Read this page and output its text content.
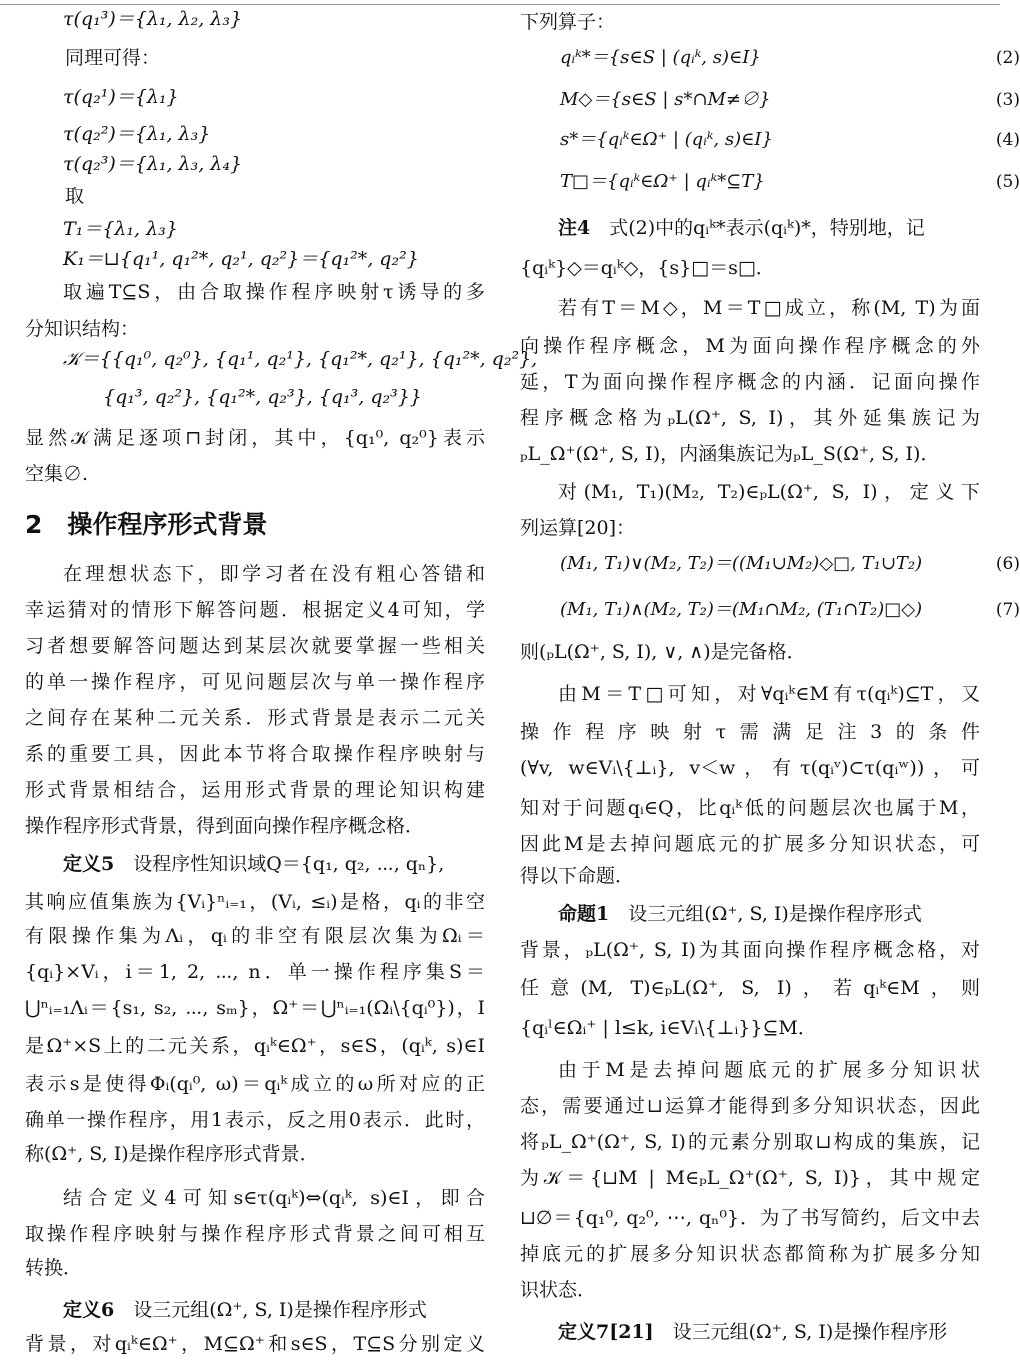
τ(q₁³)＝{λ₁, λ₂, λ₃}
同理可得：
τ(q₂¹)＝{λ₁}
τ(q₂²)＝{λ₁, λ₃}
τ(q₂³)＝{λ₁, λ₃, λ₄}
取
T₁＝{λ₁, λ₃}
K₁＝⊔{q₁¹, q₁²*, q₂¹, q₂²}＝{q₁²*, q₂²}
取遍T⊆S，由合取操作程序映射τ诱导的多
分知识结构：
𝒦＝{{q₁⁰, q₂⁰}, {q₁¹, q₂¹}, {q₁²*, q₂¹}, {q₁²*, q₂²},
{q₁³, q₂²}, {q₁²*, q₂³}, {q₁³, q₂³}}
显然𝒦满足逐项⊓封闭，其中，{q₁⁰, q₂⁰}表示
空集∅.
2　操作程序形式背景
在理想状态下，即学习者在没有粗心答错和
幸运猜对的情形下解答问题．根据定义4可知，学
习者想要解答问题达到某层次就要掌握一些相关
的单一操作程序，可见问题层次与单一操作程序
之间存在某种二元关系．形式背景是表示二元关
系的重要工具，因此本节将合取操作程序映射与
形式背景相结合，运用形式背景的理论知识构建
操作程序形式背景，得到面向操作程序概念格．
定义5　设程序性知识域Q＝{q₁, q₂, ⋯, qₙ},
其响应值集族为{Vᵢ}ⁿᵢ₌₁，(Vᵢ, ≤ᵢ)是格，qᵢ的非空
有限操作集为Λᵢ，qᵢ的非空有限层次集为Ωᵢ＝
{qᵢ}×Vᵢ，i＝1, 2, ⋯, n．单一操作程序集S＝
⋃ⁿᵢ₌₁Λᵢ＝{s₁, s₂, ⋯, sₘ}，Ω⁺＝⋃ⁿᵢ₌₁(Ωᵢ\{qᵢ⁰})，I
是Ω⁺×S上的二元关系，qᵢᵏ∈Ω⁺，s∈S，(qᵢᵏ, s)∈I
表示s是使得Φᵢ(qᵢ⁰, ω)＝qᵢᵏ成立的ω所对应的正
确单一操作程序，用1表示，反之用0表示．此时，
称(Ω⁺, S, I)是操作程序形式背景．
结合定义4可知s∈τ(qᵢᵏ)⇔(qᵢᵏ, s)∈I，即合
取操作程序映射与操作程序形式背景之间可相互
转换．
定义6　设三元组(Ω⁺, S, I)是操作程序形式
背景，对qᵢᵏ∈Ω⁺，M⊆Ω⁺和s∈S，T⊆S分别定义
下列算子：
qᵢᵏ*＝{s∈S | (qᵢᵏ, s)∈I}	(2)
M◇＝{s∈S | s*∩M≠∅}	(3)
s*＝{qᵢᵏ∈Ω⁺ | (qᵢᵏ, s)∈I}	(4)
T□＝{qᵢᵏ∈Ω⁺ | qᵢᵏ*⊆T}	(5)
注4　式(2)中的qᵢᵏ*表示(qᵢᵏ)*，特别地，记
{qᵢᵏ}◇＝qᵢᵏ◇，{s}□＝s□．
若有T＝M◇，M＝T□成立，称(M, T)为面
向操作程序概念，M为面向操作程序概念的外
延，T为面向操作程序概念的内涵．记面向操作
程序概念格为ₚL(Ω⁺, S, I)，其外延集族记为
ₚL_Ω⁺(Ω⁺, S, I)，内涵集族记为ₚL_S(Ω⁺, S, I)．
对(M₁, T₁)(M₂, T₂)∈ₚL(Ω⁺, S, I)，定义下
列运算[20]：
(M₁, T₁)∨(M₂, T₂)＝((M₁∪M₂)◇□, T₁∪T₂)	(6)
(M₁, T₁)∧(M₂, T₂)＝(M₁∩M₂, (T₁∩T₂)□◇)	(7)
则(ₚL(Ω⁺, S, I), ∨, ∧)是完备格．
由M＝T□可知，对∀qᵢᵏ∈M有τ(qᵢᵏ)⊆T，又
操作程序映射τ需满足注3的条件
(∀v, w∈Vᵢ\{⊥ᵢ}, v＜w，有τ(qᵢᵛ)⊂τ(qᵢʷ))，可
知对于问题qᵢ∈Q，比qᵢᵏ低的问题层次也属于M，
因此M是去掉问题底元的扩展多分知识状态，可
得以下命题．
命题1　设三元组(Ω⁺, S, I)是操作程序形式
背景，ₚL(Ω⁺, S, I)为其面向操作程序概念格，对
任意(M, T)∈ₚL(Ω⁺, S, I)，若qᵢᵏ∈M，则
{qᵢˡ∈Ωᵢ⁺ | l≤k, i∈Vᵢ\{⊥ᵢ}}⊆M．
由于M是去掉问题底元的扩展多分知识状
态，需要通过⊔运算才能得到多分知识状态，因此
将ₚL_Ω⁺(Ω⁺, S, I)的元素分别取⊔构成的集族，记
为𝒦＝{⊔M | M∈ₚL_Ω⁺(Ω⁺, S, I)}，其中规定
⊔∅＝{q₁⁰, q₂⁰, ⋯, qₙ⁰}．为了书写简约，后文中去
掉底元的扩展多分知识状态都简称为扩展多分知
识状态．
定义7[21]　设三元组(Ω⁺, S, I)是操作程序形
